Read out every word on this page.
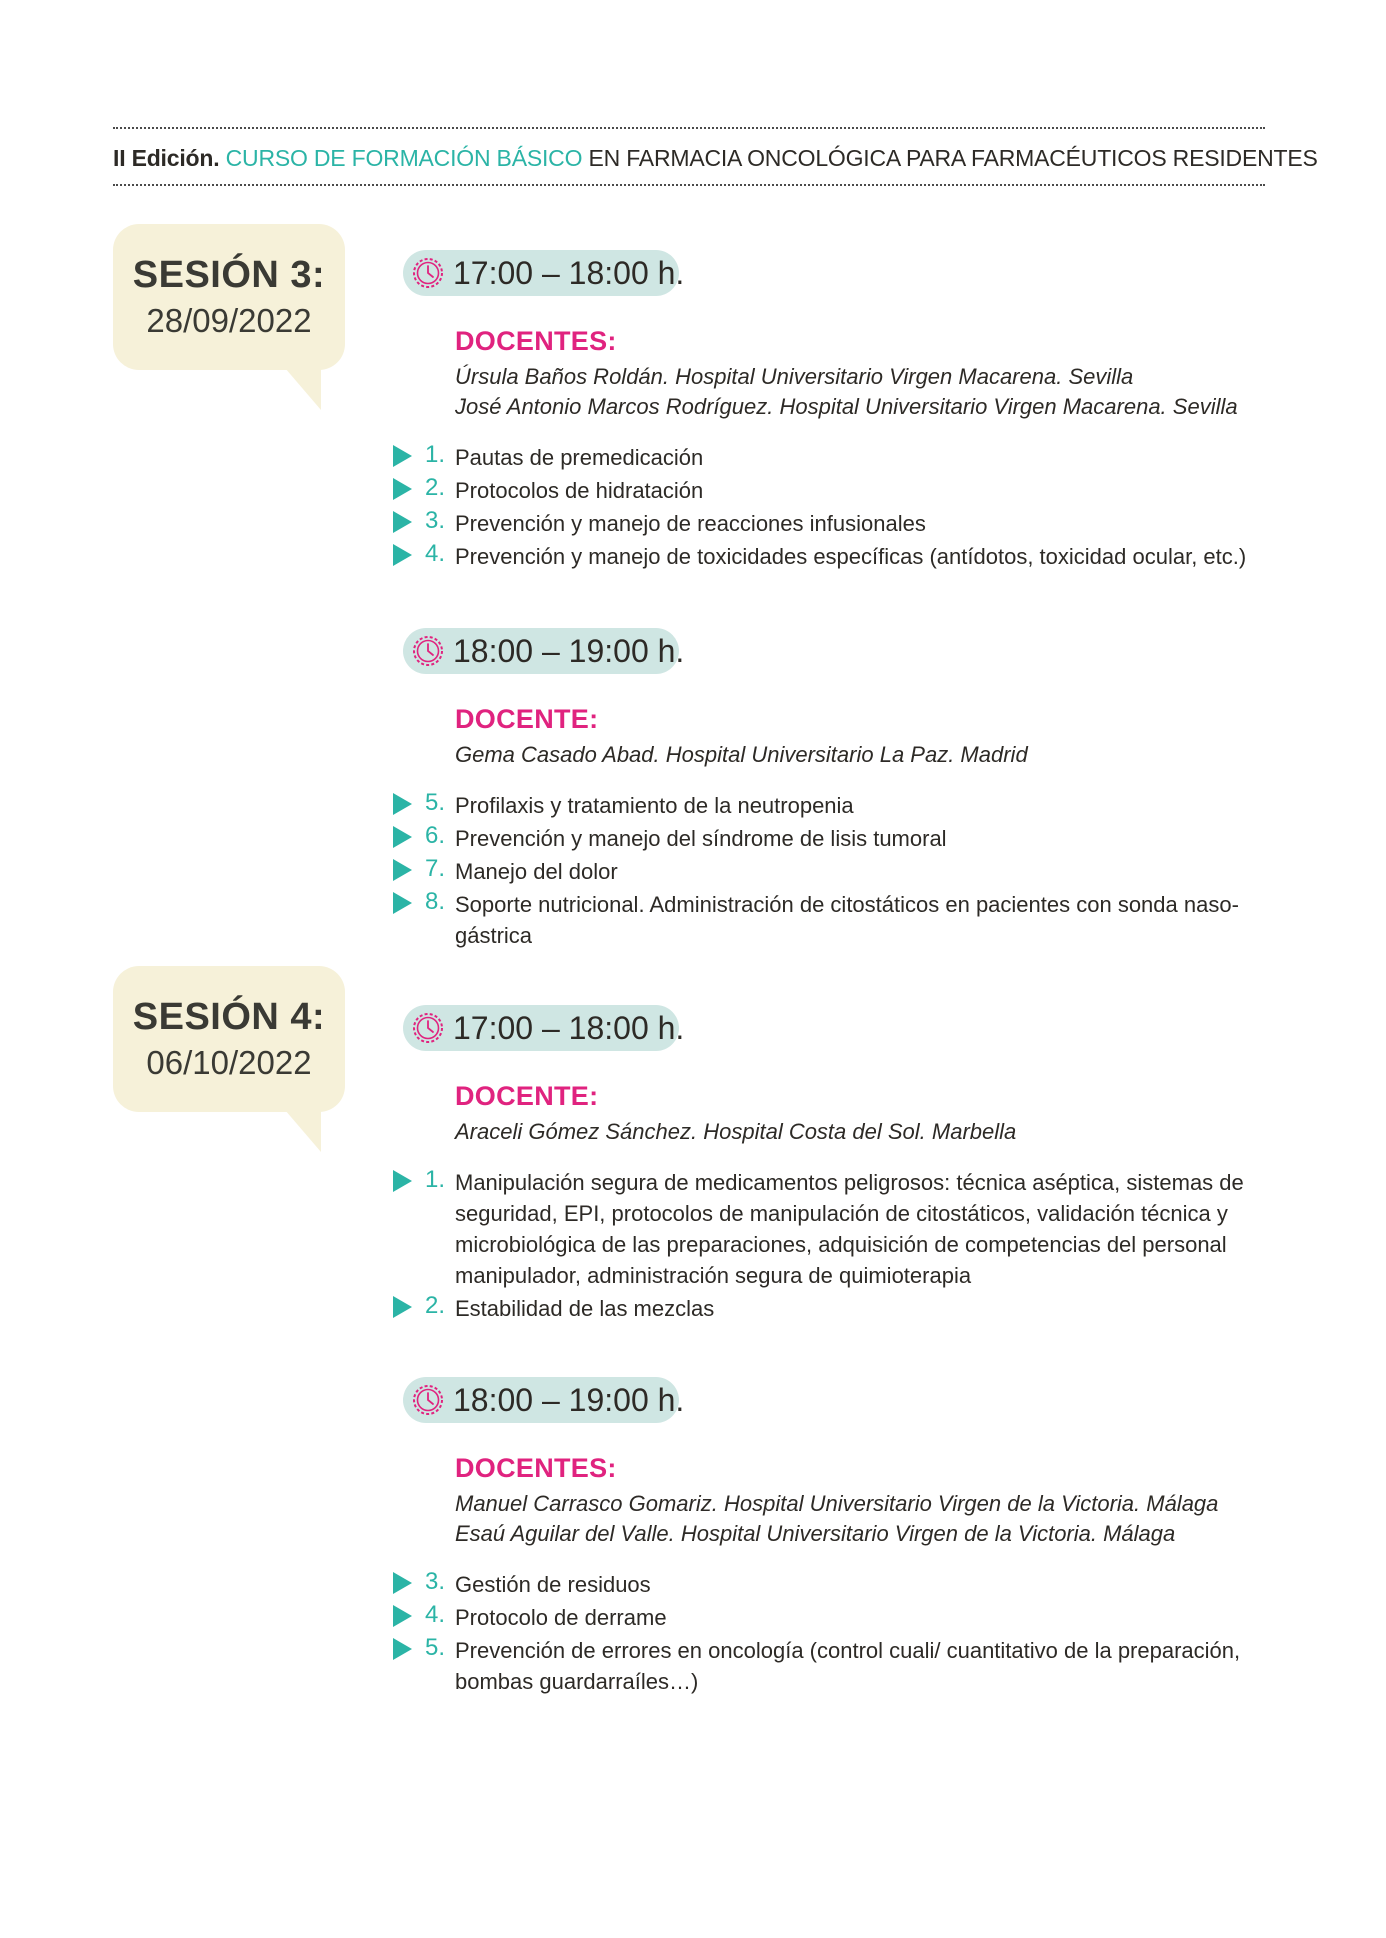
II Edición. CURSO DE FORMACIÓN BÁSICO EN FARMACIA ONCOLÓGICA PARA FARMACÉUTICOS RESIDENTES
SESIÓN 3:
28/09/2022
17:00 – 18:00 h.
DOCENTES:
Úrsula Baños Roldán. Hospital Universitario Virgen Macarena. Sevilla
José Antonio Marcos Rodríguez. Hospital Universitario Virgen Macarena. Sevilla
1. Pautas de premedicación
2. Protocolos de hidratación
3. Prevención y manejo de reacciones infusionales
4. Prevención y manejo de toxicidades específicas (antídotos, toxicidad ocular, etc.)
18:00 – 19:00 h.
DOCENTE:
Gema Casado Abad. Hospital Universitario La Paz. Madrid
5. Profilaxis y tratamiento de la neutropenia
6. Prevención y manejo del síndrome de lisis tumoral
7. Manejo del dolor
8. Soporte nutricional. Administración de citostáticos en pacientes con sonda naso-gástrica
SESIÓN 4:
06/10/2022
17:00 – 18:00 h.
DOCENTE:
Araceli Gómez Sánchez. Hospital Costa del Sol. Marbella
1. Manipulación segura de medicamentos peligrosos: técnica aséptica, sistemas de seguridad, EPI, protocolos de manipulación de citostáticos, validación técnica y microbiológica de las preparaciones, adquisición de competencias del personal manipulador, administración segura de quimioterapia
2. Estabilidad de las mezclas
18:00 – 19:00 h.
DOCENTES:
Manuel Carrasco Gomariz. Hospital Universitario Virgen de la Victoria. Málaga
Esaú Aguilar del Valle. Hospital Universitario Virgen de la Victoria. Málaga
3. Gestión de residuos
4. Protocolo de derrame
5. Prevención de errores en oncología (control cuali/ cuantitativo de la preparación, bombas guardarraíles…)
